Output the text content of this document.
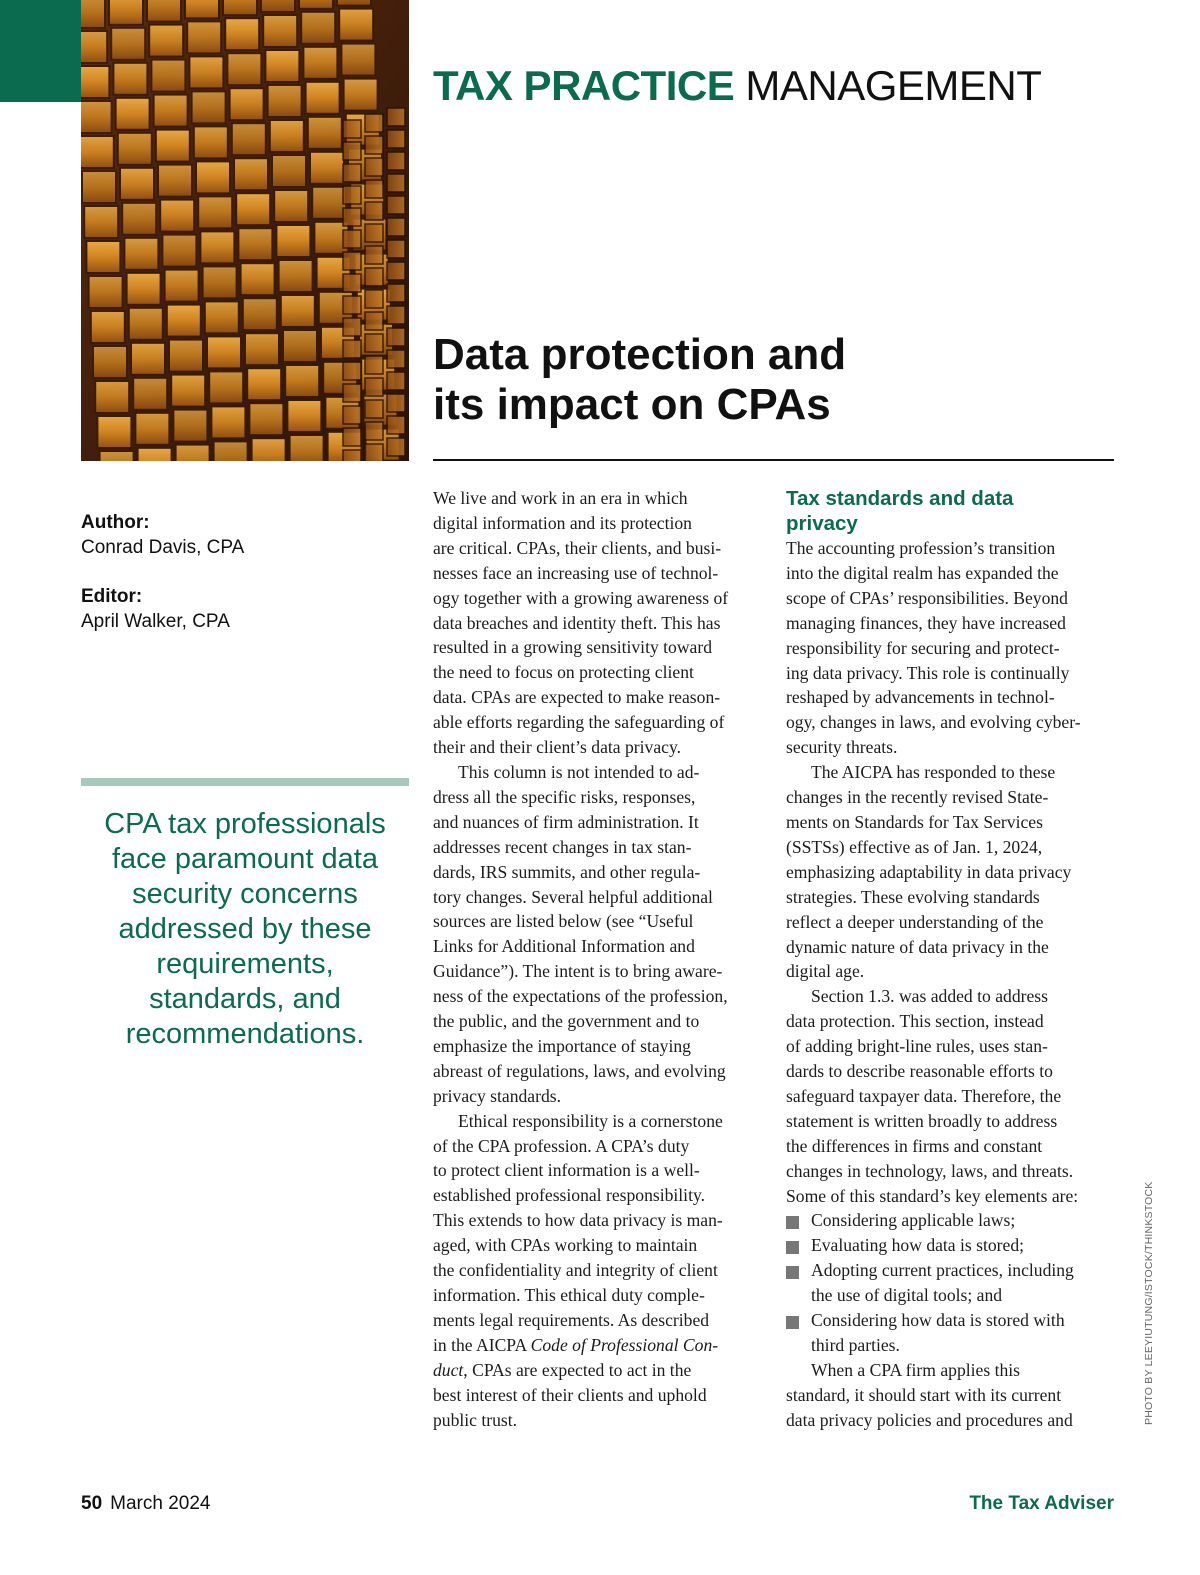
TAX PRACTICE MANAGEMENT
Data protection and
its impact on CPAs
Author:
Conrad Davis, CPA
Editor:
April Walker, CPA

CPA tax professionals
face paramount data
security concerns
addressed by these
requirements,
standards, and
recommendations.

We live and work in an era in which
digital information and its protection
are critical. CPAs, their clients, and busi-
nesses face an increasing use of technol-
ogy together with a growing awareness of
data breaches and identity theft. This has
resulted in a growing sensitivity toward
the need to focus on protecting client
data. CPAs are expected to make reason-
able efforts regarding the safeguarding of
their and their client’s data privacy.
This column is not intended to ad-
dress all the specific risks, responses,
and nuances of firm administration. It
addresses recent changes in tax stan-
dards, IRS summits, and other regula-
tory changes. Several helpful additional
sources are listed below (see “Useful
Links for Additional Information and
Guidance”). The intent is to bring aware-
ness of the expectations of the profession,
the public, and the government and to
emphasize the importance of staying
abreast of regulations, laws, and evolving
privacy standards.
Ethical responsibility is a cornerstone
of the CPA profession. A CPA’s duty
to protect client information is a well-
established professional responsibility.
This extends to how data privacy is man-
aged, with CPAs working to maintain
the confidentiality and integrity of client
information. This ethical duty comple-
ments legal requirements. As described
in the AICPA Code of Professional Con-
duct, CPAs are expected to act in the
best interest of their clients and uphold
public trust.
Tax standards and data
privacy
The accounting profession’s transition
into the digital realm has expanded the
scope of CPAs’ responsibilities. Beyond
managing finances, they have increased
responsibility for securing and protect-
ing data privacy. This role is continually
reshaped by advancements in technol-
ogy, changes in laws, and evolving cyber-
security threats.
The AICPA has responded to these
changes in the recently revised State-
ments on Standards for Tax Services
(SSTSs) effective as of Jan. 1, 2024,
emphasizing adaptability in data privacy
strategies. These evolving standards
reflect a deeper understanding of the
dynamic nature of data privacy in the
digital age.
Section 1.3. was added to address
data protection. This section, instead
of adding bright-line rules, uses stan-
dards to describe reasonable efforts to
safeguard taxpayer data. Therefore, the
statement is written broadly to address
the differences in firms and constant
changes in technology, laws, and threats.
Some of this standard’s key elements are:
Considering applicable laws;
Evaluating how data is stored;
Adopting current practices, including
the use of digital tools; and
Considering how data is stored with
third parties.
When a CPA firm applies this
standard, it should start with its current
data privacy policies and procedures and	PHOTO BY LEEYIUTUNG/ISTOCK/THINKSTOCK
50 March 2024	The Tax Adviser
